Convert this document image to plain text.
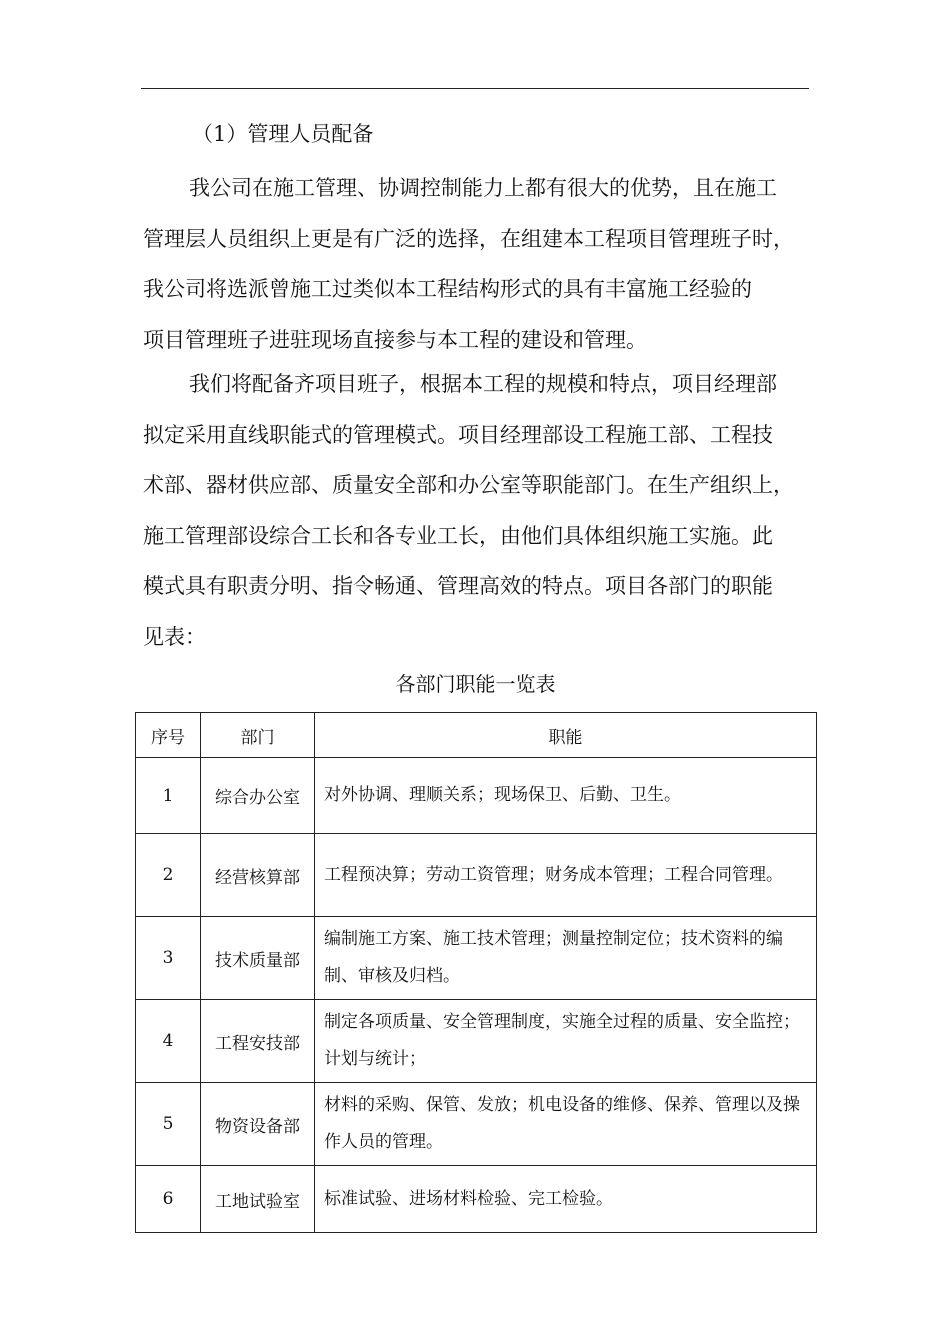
（1）管理人员配备
我公司在施工管理、协调控制能力上都有很大的优势，且在施工
管理层人员组织上更是有广泛的选择，在组建本工程项目管理班子时，
我公司将选派曾施工过类似本工程结构形式的具有丰富施工经验的
项目管理班子进驻现场直接参与本工程的建设和管理。
我们将配备齐项目班子，根据本工程的规模和特点，项目经理部
拟定采用直线职能式的管理模式。项目经理部设工程施工部、工程技
术部、器材供应部、质量安全部和办公室等职能部门。在生产组织上，
施工管理部设综合工长和各专业工长，由他们具体组织施工实施。此
模式具有职责分明、指令畅通、管理高效的特点。项目各部门的职能
见表：
各部门职能一览表
序号	部门	职能
1	综合办公室	对外协调、理顺关系；现场保卫、后勤、卫生。
2	经营核算部	工程预决算；劳动工资管理；财务成本管理；工程合同管理。
3	技术质量部	编制施工方案、施工技术管理；测量控制定位；技术资料的编制、审核及归档。
4	工程安技部	制定各项质量、安全管理制度，实施全过程的质量、安全监控；计划与统计；
5	物资设备部	材料的采购、保管、发放；机电设备的维修、保养、管理以及操作人员的管理。
6	工地试验室	标准试验、进场材料检验、完工检验。
